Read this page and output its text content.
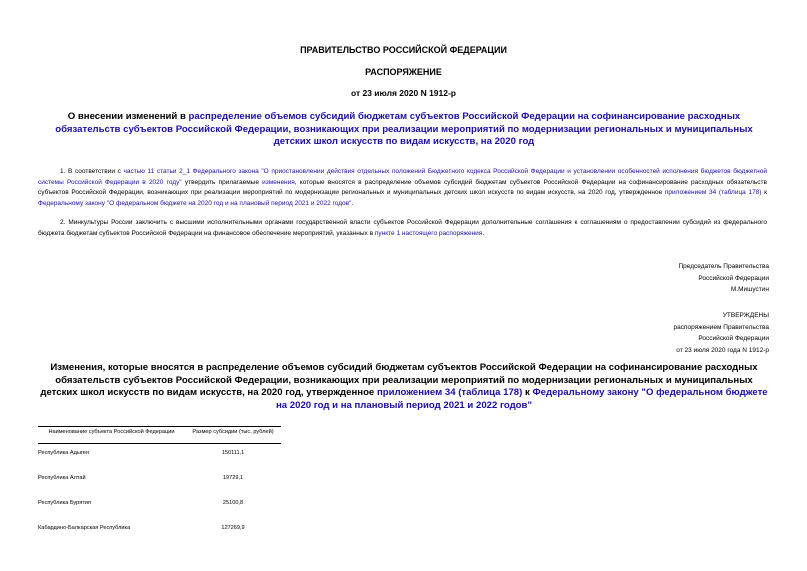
ПРАВИТЕЛЬСТВО РОССИЙСКОЙ ФЕДЕРАЦИИ
РАСПОРЯЖЕНИЕ
от 23 июля 2020 N 1912-р
О внесении изменений в распределение объемов субсидий бюджетам субъектов Российской Федерации на софинансирование расходных обязательств субъектов Российской Федерации, возникающих при реализации мероприятий по модернизации региональных и муниципальных детских школ искусств по видам искусств, на 2020 год
1. В соответствии с частью 11 статьи 2_1 Федерального закона "О приостановлении действия отдельных положений Бюджетного кодекса Российской Федерации и установлении особенностей исполнения бюджетов бюджетной системы Российской Федерации в 2020 году" утвердить прилагаемые изменения, которые вносятся в распределение объемов субсидий бюджетам субъектов Российской Федерации на софинансирование расходных обязательств субъектов Российской Федерации, возникающих при реализации мероприятий по модернизации региональных и муниципальных детских школ искусств по видам искусств, на 2020 год, утвержденное приложением 34 (таблица 178) к Федеральному закону "О федеральном бюджете на 2020 год и на плановый период 2021 и 2022 годов".
2. Минкультуры России заключить с высшими исполнительными органами государственной власти субъектов Российской Федерации дополнительные соглашения к соглашениям о предоставлении субсидий из федерального бюджета бюджетам субъектов Российской Федерации на финансовое обеспечение мероприятий, указанных в пункте 1 настоящего распоряжения.
Председатель Правительства
Российской Федерации
М.Мишустин
УТВЕРЖДЕНЫ
распоряжением Правительства
Российской Федерации
от 23 июля 2020 года N 1912-р
Изменения, которые вносятся в распределение объемов субсидий бюджетам субъектов Российской Федерации на софинансирование расходных обязательств субъектов Российской Федерации, возникающих при реализации мероприятий по модернизации региональных и муниципальных детских школ искусств по видам искусств, на 2020 год, утвержденное приложением 34 (таблица 178) к Федеральному закону "О федеральном бюджете на 2020 год и на плановый период 2021 и 2022 годов"
Наименование субъекта Российской Федерации	Размер субсидии (тыс. рублей)
Республика Адыгея	150111,1
Республика Алтай	19729,1
Республика Бурятия	25100,8
Кабардино-Балкарская Республика	127269,9
